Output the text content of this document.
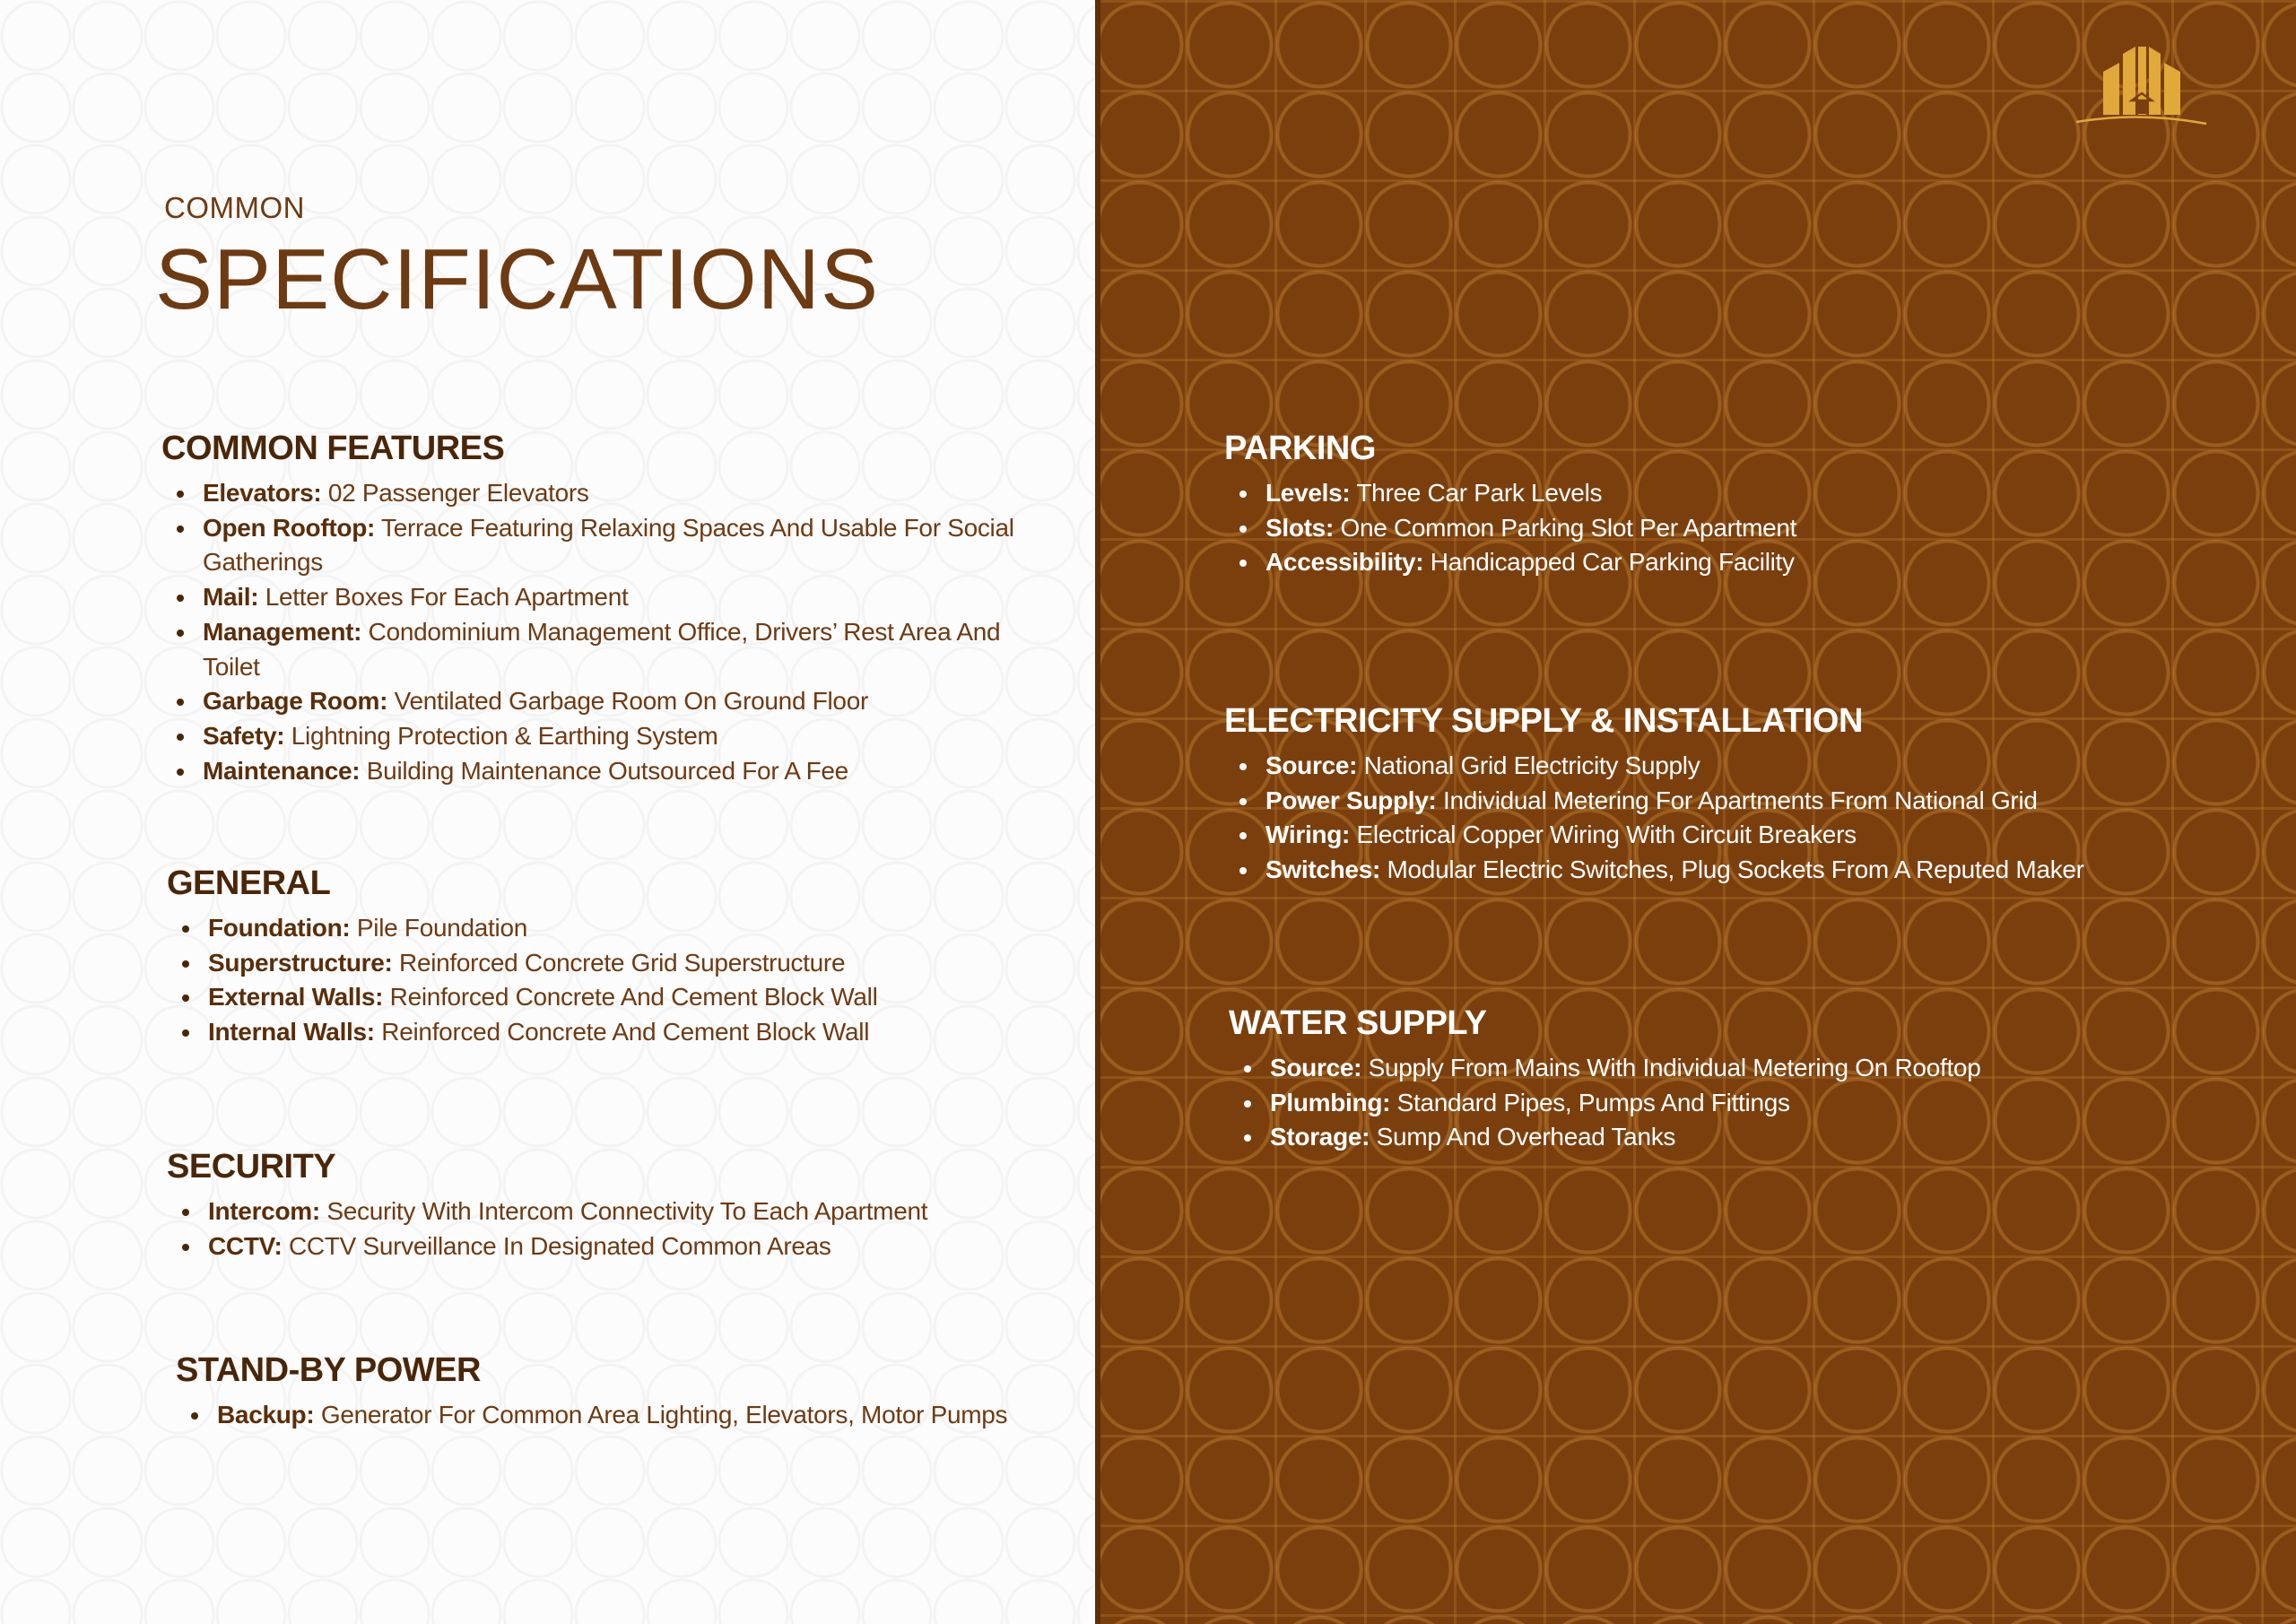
COMMON
SPECIFICATIONS
COMMON FEATURES
Elevators: 02 Passenger Elevators
Open Rooftop: Terrace Featuring Relaxing Spaces And Usable For Social Gatherings
Mail: Letter Boxes For Each Apartment
Management: Condominium Management Office, Drivers’ Rest Area And Toilet
Garbage Room: Ventilated Garbage Room On Ground Floor
Safety: Lightning Protection & Earthing System
Maintenance: Building Maintenance Outsourced For A Fee
GENERAL
Foundation: Pile Foundation
Superstructure: Reinforced Concrete Grid Superstructure
External Walls: Reinforced Concrete And Cement Block Wall
Internal Walls: Reinforced Concrete And Cement Block Wall
SECURITY
Intercom: Security With Intercom Connectivity To Each Apartment
CCTV: CCTV Surveillance In Designated Common Areas
STAND-BY POWER
Backup: Generator For Common Area Lighting, Elevators, Motor Pumps
PARKING
Levels: Three Car Park Levels
Slots: One Common Parking Slot Per Apartment
Accessibility: Handicapped Car Parking Facility
ELECTRICITY SUPPLY & INSTALLATION
Source: National Grid Electricity Supply
Power Supply: Individual Metering For Apartments From National Grid
Wiring: Electrical Copper Wiring With Circuit Breakers
Switches: Modular Electric Switches, Plug Sockets From A Reputed Maker
WATER SUPPLY
Source: Supply From Mains With Individual Metering On Rooftop
Plumbing: Standard Pipes, Pumps And Fittings
Storage: Sump And Overhead Tanks
